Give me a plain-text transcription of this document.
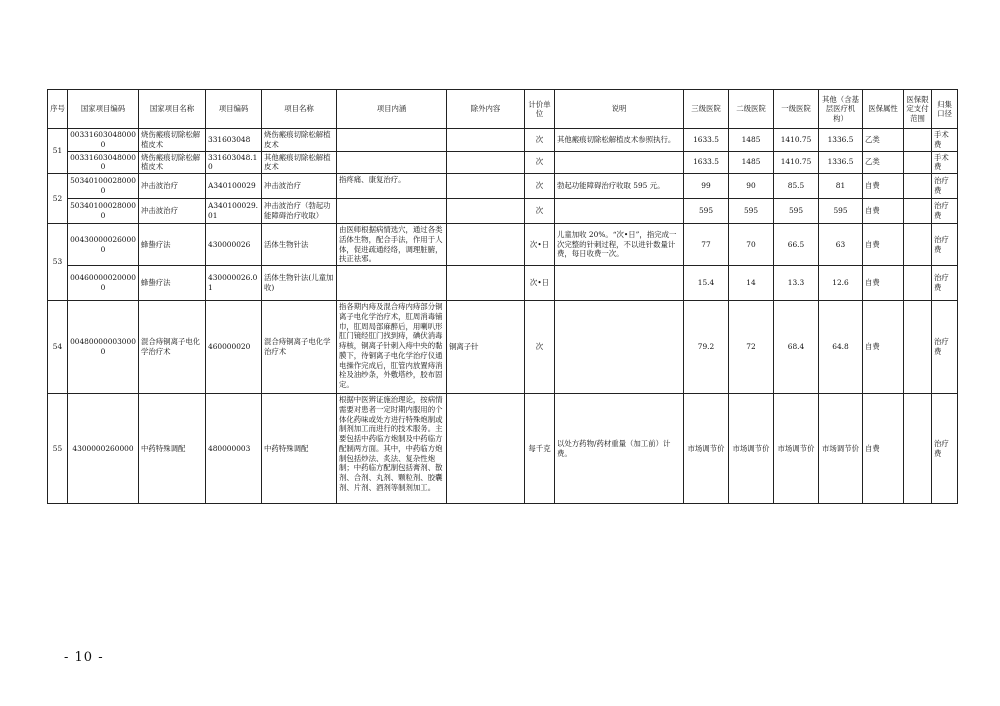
序号	国家项目编码	国家项目名称	项目编码	项目名称	项目内涵	除外内容	计价单位	说明	三级医院	二级医院	一级医院	其他（含基层医疗机构）	医保属性	医保限定支付范围	归集口径
51	003316030480000	烧伤瘢痕切除松解植皮术	331603048	烧伤瘢痕切除松解植皮术			次	其他瘢痕切除松解植皮术参照执行。	1633.5	1485	1410.75	1336.5	乙类		手术费
	003316030480000	烧伤瘢痕切除松解植皮术	331603048.10	其他瘢痕切除松解植皮术			次		1633.5	1485	1410.75	1336.5	乙类		手术费
52	503401000280000	冲击波治疗	A340100029	冲击波治疗	指疼痛、康复治疗。		次	勃起功能障碍治疗收取 595 元。	99	90	85.5	81	自费		治疗费
	503401000280000	冲击波治疗	A340100029.01	冲击波治疗（勃起功能障碍治疗收取）			次		595	595	595	595	自费		治疗费
53	004300000260000	蜂蛰疗法	430000026	活体生物针法	由医师根据病情选穴，通过各类活体生物，配合手法，作用于人体，促进疏通经络，调理脏腑，扶正祛邪。		次•日	儿童加收 20%。“次•日”，指完成一次完整的针刺过程，不以进针数量计费，每日收费一次。	77	70	66.5	63	自费		治疗费
	004600000200000	蜂蛰疗法	430000026.01	活体生物针法(儿童加收)			次•日		15.4	14	13.3	12.6	自费		治疗费
54	004800000030000	混合痔铜离子电化学治疗术	460000020	混合痔铜离子电化学治疗术	指各期内痔及混合痔内痔部分铜离子电化学治疗术，肛周消毒铺巾，肛周局部麻醉后，用喇叭形肛门镜经肛门找到痔，碘伏消毒痔核，铜离子针刺入痔中央的黏膜下，待铜离子电化学治疗仪通电操作完成后，肛管内放置痔消栓及油纱条，外敷塔纱，胶布固定。	铜离子针	次		79.2	72	68.4	64.8	自费		治疗费
55	4300000260000	中药特殊调配	480000003	中药特殊调配	根据中医辨证施治理论，按病情需要对患者一定时期内服用的个体化药味或处方进行特殊炮制或制剂加工而进行的技术服务。主要包括中药临方炮制及中药临方配制两方面。其中，中药临方炮制包括炒法、炙法、复杂性炮制；中药临方配制包括膏剂、散剂、合剂、丸剂、颗粒剂、胶囊剂、片剂、酒剂等制剂加工。		每千克	以处方药物/药材重量（加工前）计费。	市场调节价	市场调节价	市场调节价	市场调节价	自费		治疗费
- 10 -
